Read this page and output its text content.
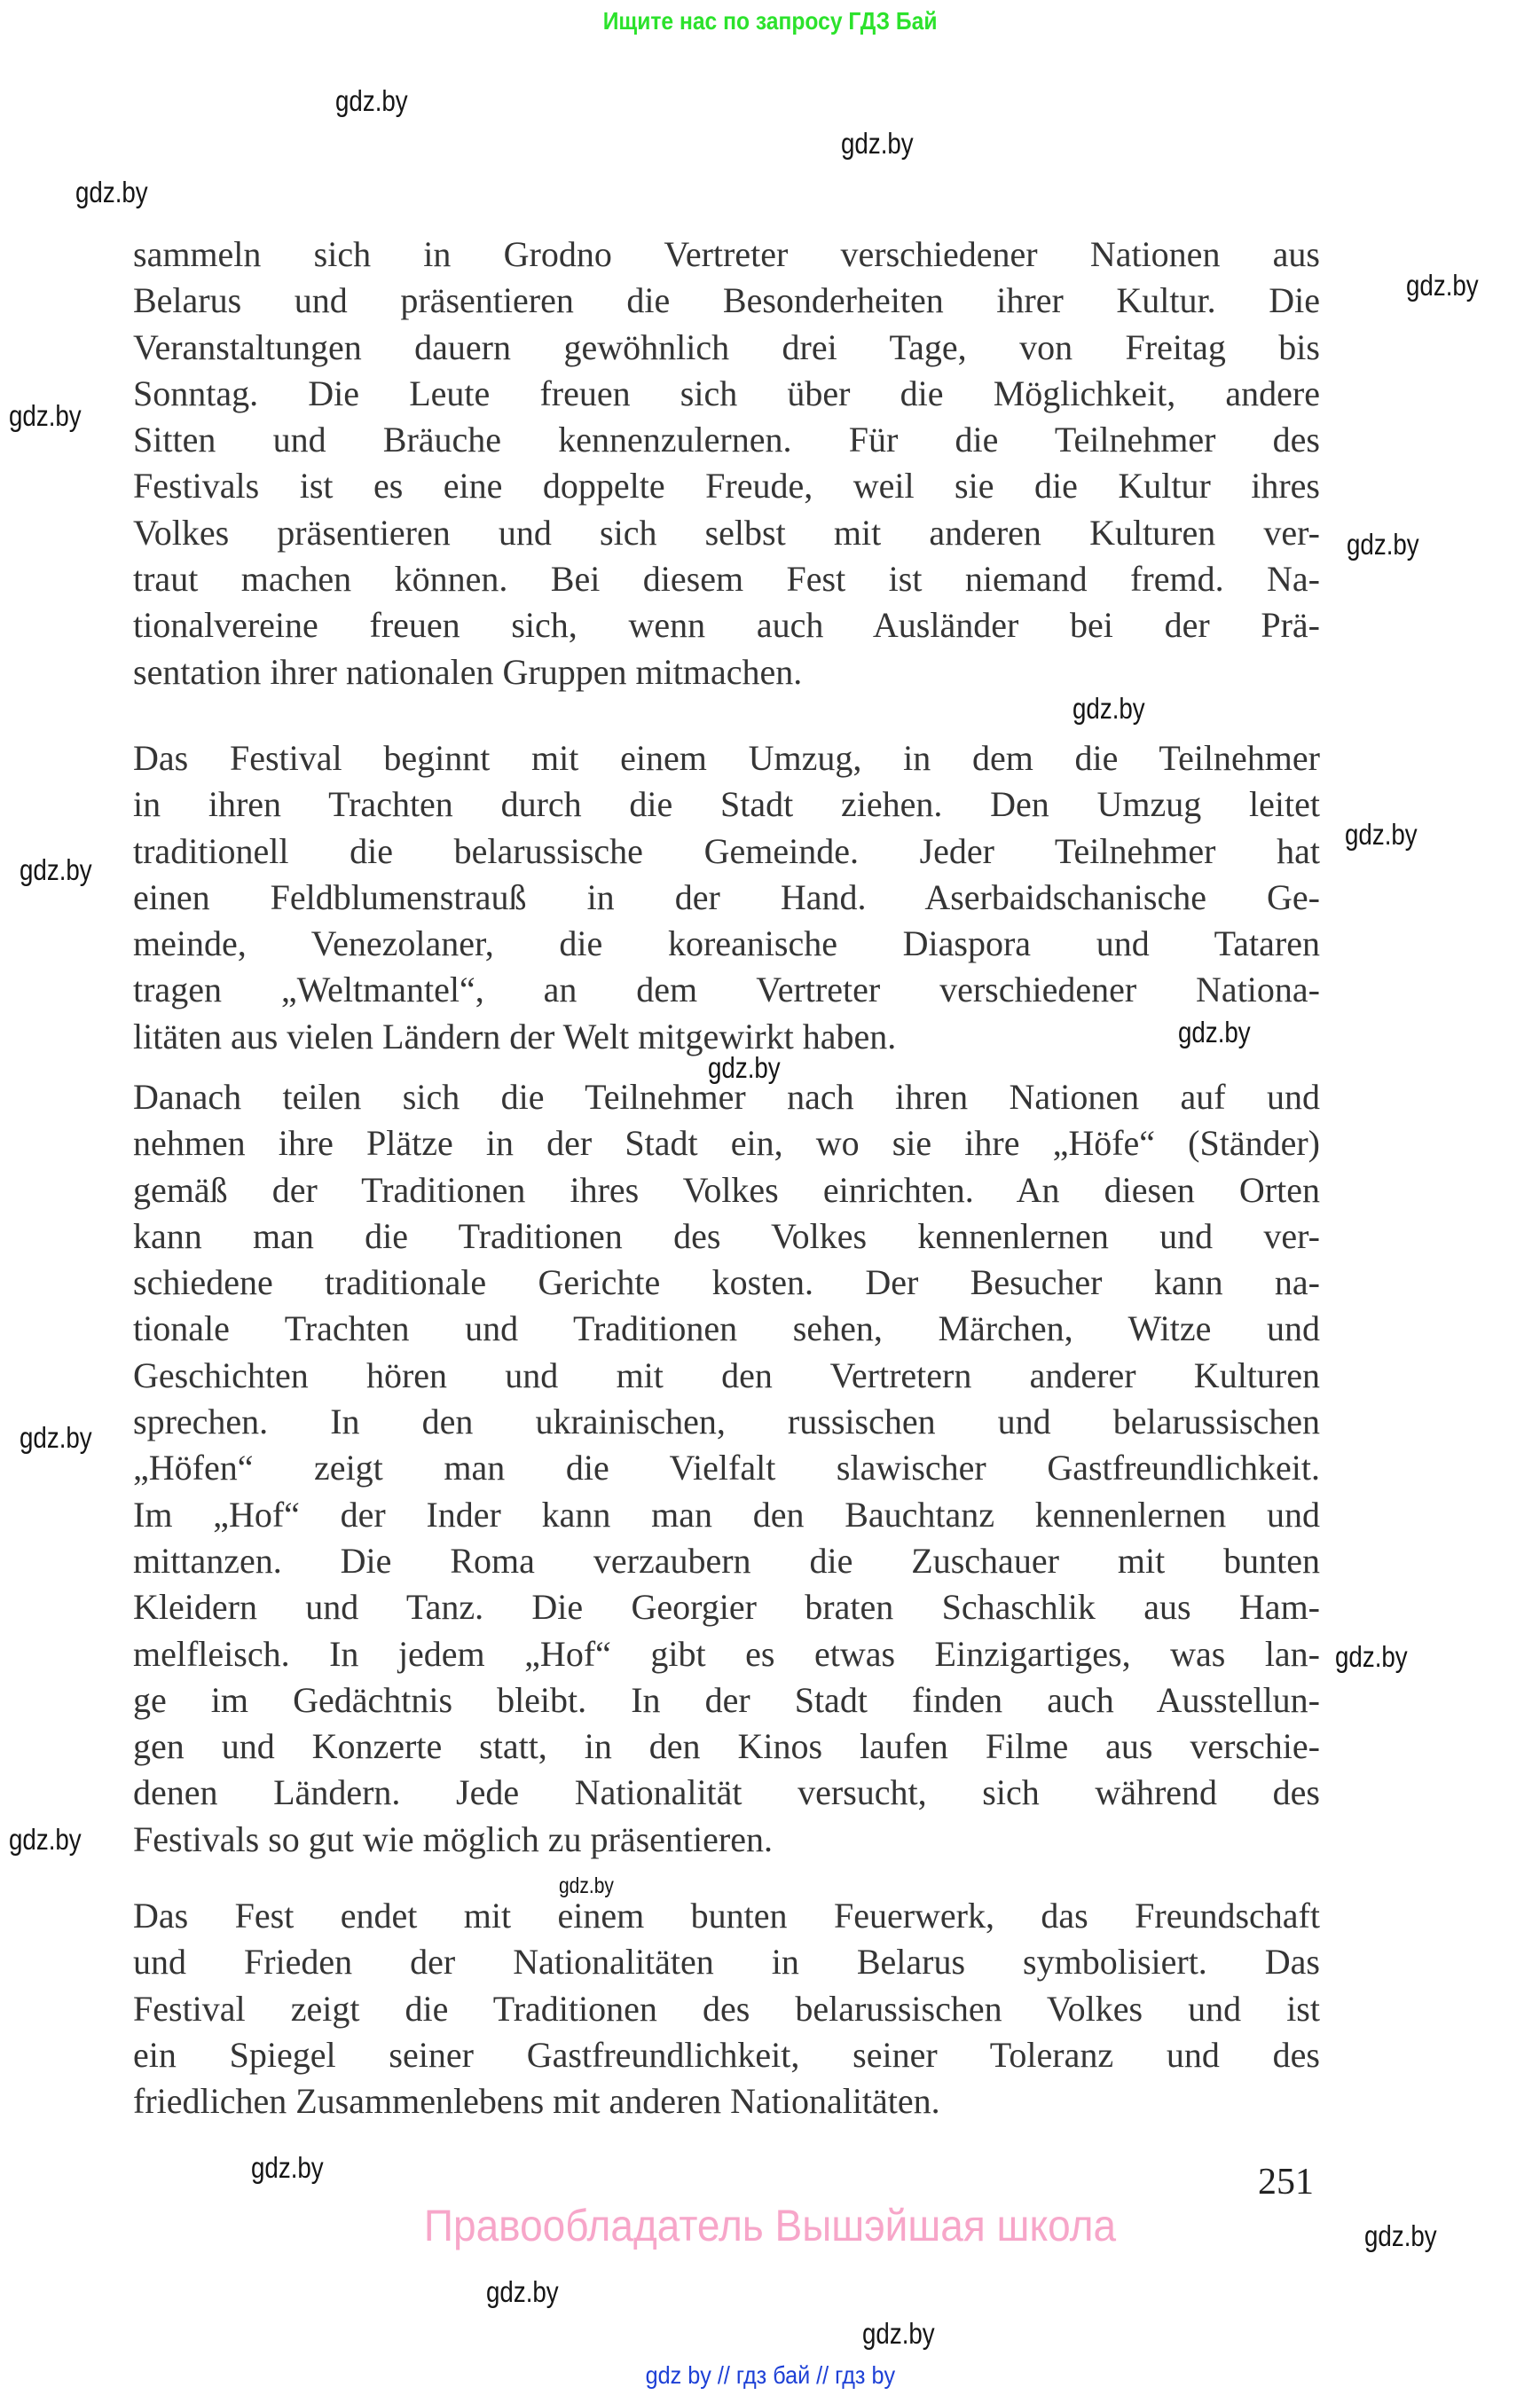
Ищите нас по запросу ГДЗ Бай
gdz.by
gdz.by
gdz.by
gdz.by
gdz.by
gdz.by
gdz.by
gdz.by
gdz.by
gdz.by
gdz.by
gdz.by
gdz.by
gdz.by
gdz.by
gdz.by
gdz.by
gdz.by
gdz.by
sammeln sich in Grodno Vertreter verschiedener Nationen aus
Belarus und präsentieren die Besonderheiten ihrer Kultur. Die
Veranstaltungen dauern gewöhnlich drei Tage, von Freitag bis
Sonntag. Die Leute freuen sich über die Möglichkeit, andere
Sitten und Bräuche kennenzulernen. Für die Teilnehmer des
Festivals ist es eine doppelte Freude, weil sie die Kultur ihres
Volkes präsentieren und sich selbst mit anderen Kulturen ver-
traut machen können. Bei diesem Fest ist niemand fremd. Na-
tionalvereine freuen sich, wenn auch Ausländer bei der Prä-
sentation ihrer nationalen Gruppen mitmachen.
Das Festival beginnt mit einem Umzug, in dem die Teilnehmer
in ihren Trachten durch die Stadt ziehen. Den Umzug leitet
traditionell die belarussische Gemeinde. Jeder Teilnehmer hat
einen Feldblumenstrauß in der Hand. Aserbaidschanische Ge-
meinde, Venezolaner, die koreanische Diaspora und Tataren
tragen „Weltmantel“, an dem Vertreter verschiedener Nationa-
litäten aus vielen Ländern der Welt mitgewirkt haben.
Danach teilen sich die Teilnehmer nach ihren Nationen auf und
nehmen ihre Plätze in der Stadt ein, wo sie ihre „Höfe“ (Ständer)
gemäß der Traditionen ihres Volkes einrichten. An diesen Orten
kann man die Traditionen des Volkes kennenlernen und ver-
schiedene traditionale Gerichte kosten. Der Besucher kann na-
tionale Trachten und Traditionen sehen, Märchen, Witze und
Geschichten hören und mit den Vertretern anderer Kulturen
sprechen. In den ukrainischen, russischen und belarussischen
„Höfen“ zeigt man die Vielfalt slawischer Gastfreundlichkeit.
Im „Hof“ der Inder kann man den Bauchtanz kennenlernen und
mittanzen. Die Roma verzaubern die Zuschauer mit bunten
Kleidern und Tanz. Die Georgier braten Schaschlik aus Ham-
melfleisch. In jedem „Hof“ gibt es etwas Einzigartiges, was lan-
ge im Gedächtnis bleibt. In der Stadt finden auch Ausstellun-
gen und Konzerte statt, in den Kinos laufen Filme aus verschie-
denen Ländern. Jede Nationalität versucht, sich während des
Festivals so gut wie möglich zu präsentieren.
Das Fest endet mit einem bunten Feuerwerk, das Freundschaft
und Frieden der Nationalitäten in Belarus symbolisiert. Das
Festival zeigt die Traditionen des belarussischen Volkes und ist
ein Spiegel seiner Gastfreundlichkeit, seiner Toleranz und des
friedlichen Zusammenlebens mit anderen Nationalitäten.
251
Правообладатель Вышэйшая школа
gdz by // гдз бай // гдз by
